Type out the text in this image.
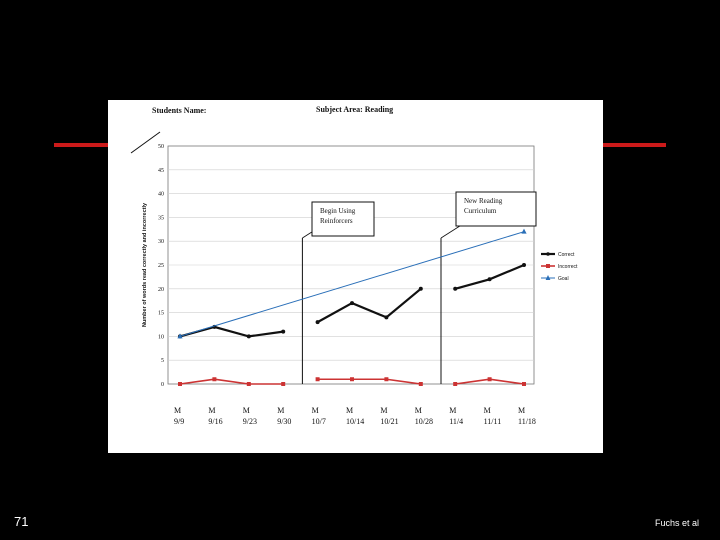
Students Name:	Subject Area: Reading
0
5
10
15
20
25
30
35
40
45
50
Number of words read correctly and incorrectly	Begin Using
Reinforcers
New Reading
Curriculum
Correct
Incorrect
Goal
M
9/9
M
9/16
M
9/23
M
9/30
M
10/7
M
10/14
M
10/21
M
10/28
M
11/4
M
11/11
M
11/18
71	Fuchs et al
